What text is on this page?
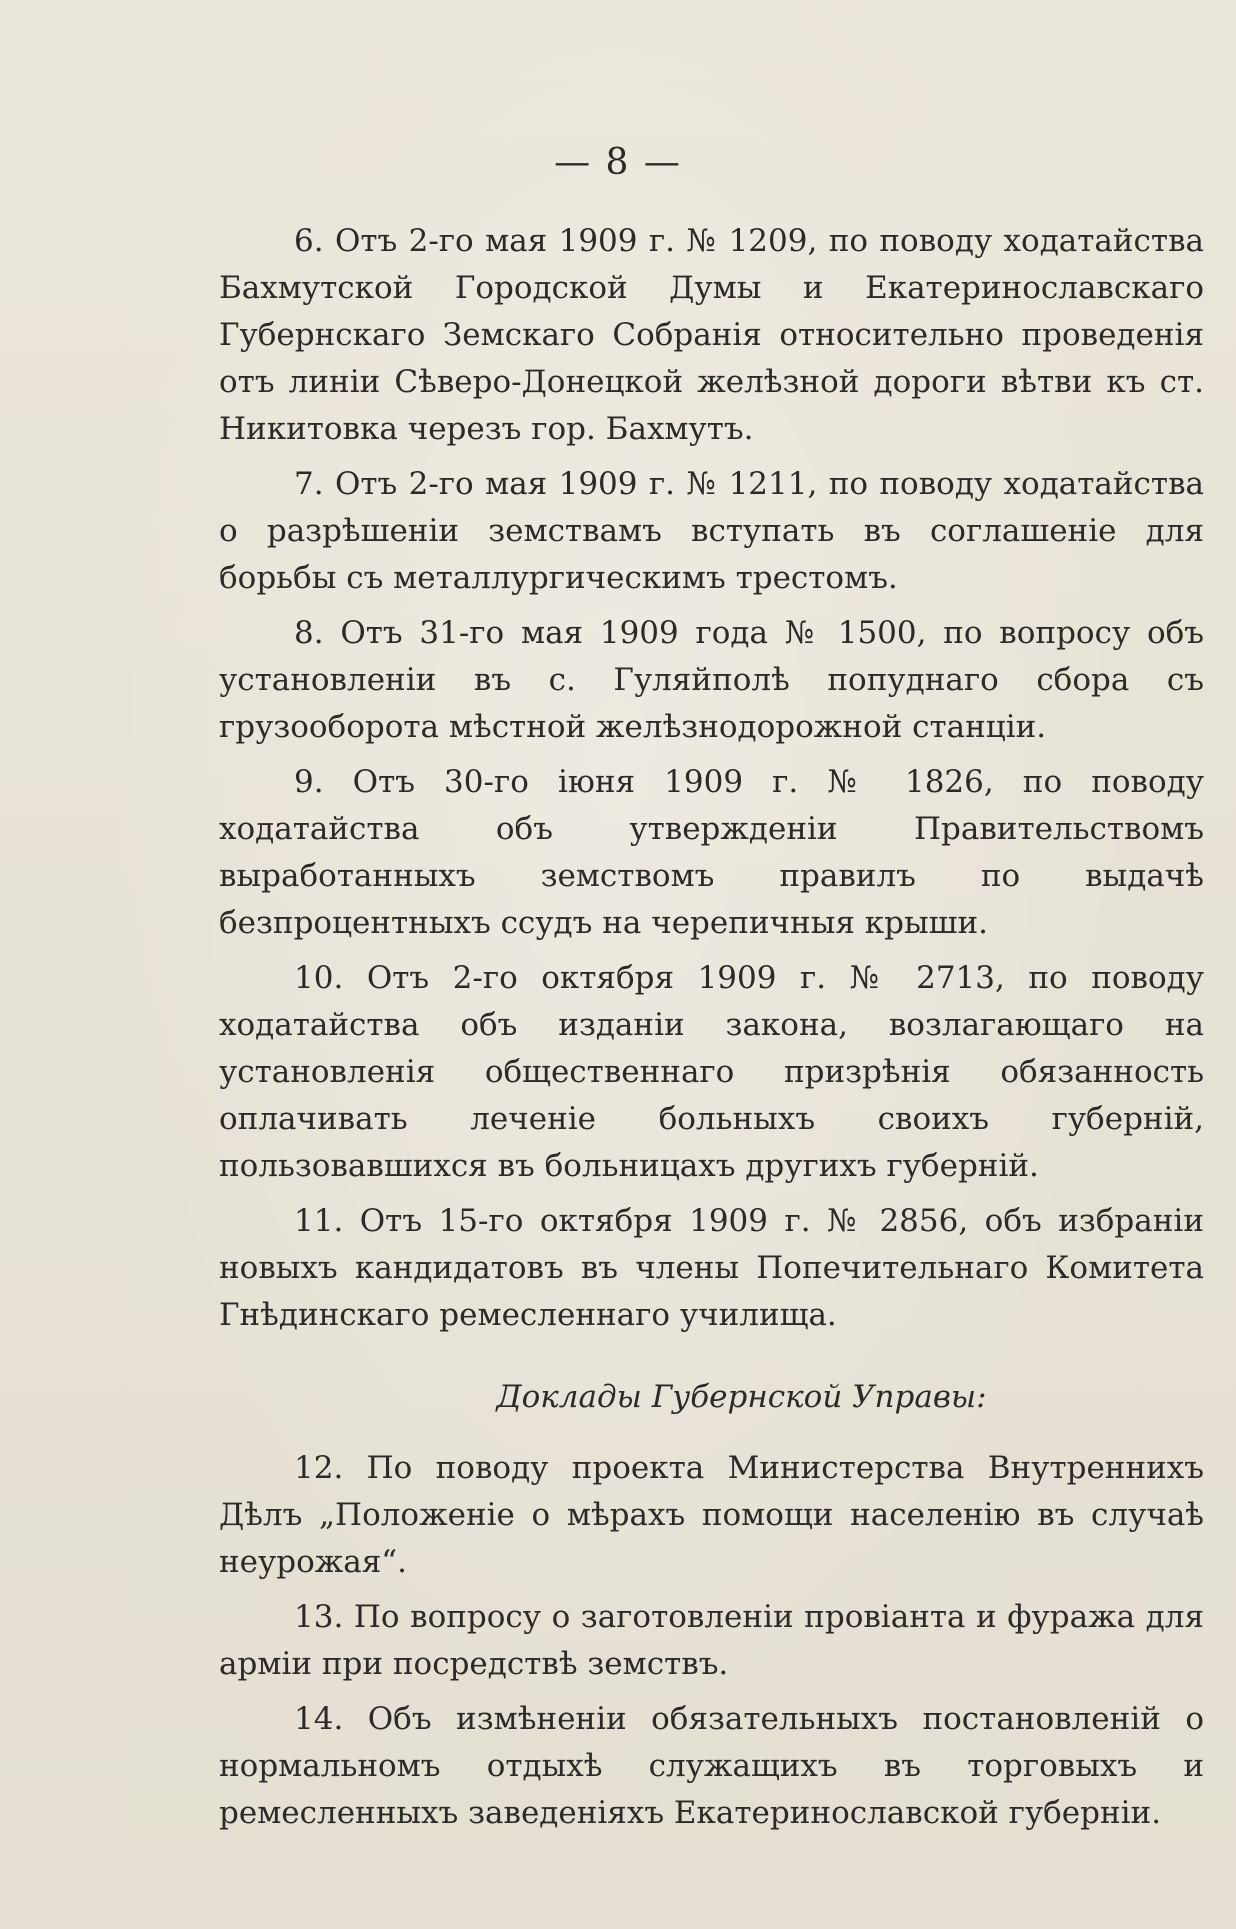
— 8 —

6. Отъ 2-го мая 1909 г. № 1209, по поводу ходатайства Бахмутской Городской Думы и Екатеринославскаго Губернскаго Земскаго Собранія относительно проведенія отъ линіи Сѣверо-Донецкой желѣзной дороги вѣтви къ ст. Никитовка черезъ гор. Бахмутъ.

7. Отъ 2-го мая 1909 г. № 1211, по поводу ходатайства о разрѣшеніи земствамъ вступать въ соглашеніе для борьбы съ металлургическимъ трестомъ.

8. Отъ 31-го мая 1909 года № 1500, по вопросу объ установленіи въ с. Гуляйполѣ попуднаго сбора съ грузооборота мѣстной желѣзнодорожной станціи.

9. Отъ 30-го іюня 1909 г. № 1826, по поводу ходатайства объ утвержденіи Правительствомъ выработанныхъ земствомъ правилъ по выдачѣ безпроцентныхъ ссудъ на черепичныя крыши.

10. Отъ 2-го октября 1909 г. № 2713, по поводу ходатайства объ изданіи закона, возлагающаго на установленія общественнаго призрѣнія обязанность оплачивать леченіе больныхъ своихъ губерній, пользовавшихся въ больницахъ другихъ губерній.

11. Отъ 15-го октября 1909 г. № 2856, объ избраніи новыхъ кандидатовъ въ члены Попечительнаго Комитета Гнѣдинскаго ремесленнаго училища.

Доклады Губернской Управы:

12. По поводу проекта Министерства Внутреннихъ Дѣлъ „Положеніе о мѣрахъ помощи населенію въ случаѣ неурожая“.

13. По вопросу о заготовленіи провіанта и фуража для арміи при посредствѣ земствъ.

14. Объ измѣненіи обязательныхъ постановленій о нормальномъ отдыхѣ служащихъ въ торговыхъ и ремесленныхъ заведеніяхъ Екатеринославской губерніи.
